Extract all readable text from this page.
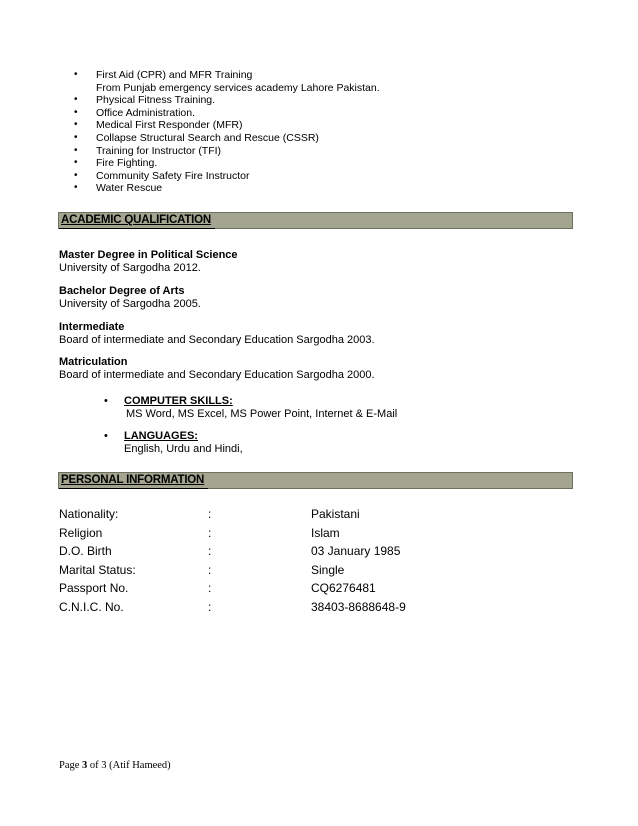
• First Aid (CPR) and MFR Training
From Punjab emergency services academy Lahore Pakistan.
• Physical Fitness Training.
• Office Administration.
• Medical First Responder (MFR)
• Collapse Structural Search and Rescue (CSSR)
• Training for Instructor (TFI)
• Fire Fighting.
• Community Safety Fire Instructor
• Water Rescue
ACADEMIC QUALIFICATION
Master Degree in Political Science
University of Sargodha 2012.
Bachelor Degree of Arts
University of Sargodha 2005.
Intermediate
Board of intermediate and Secondary Education Sargodha 2003.
Matriculation
Board of intermediate and Secondary Education Sargodha 2000.
• COMPUTER SKILLS:
MS Word, MS Excel, MS Power Point, Internet & E-Mail
• LANGUAGES:
English, Urdu and Hindi,
PERSONAL INFORMATION
Nationality:	:	Pakistani
Religion	:	Islam
D.O. Birth	:	03 January 1985
Marital Status:	:	Single
Passport No.	:	CQ6276481
C.N.I.C. No.	:	38403-8688648-9
Page 3 of 3 (Atif Hameed)
